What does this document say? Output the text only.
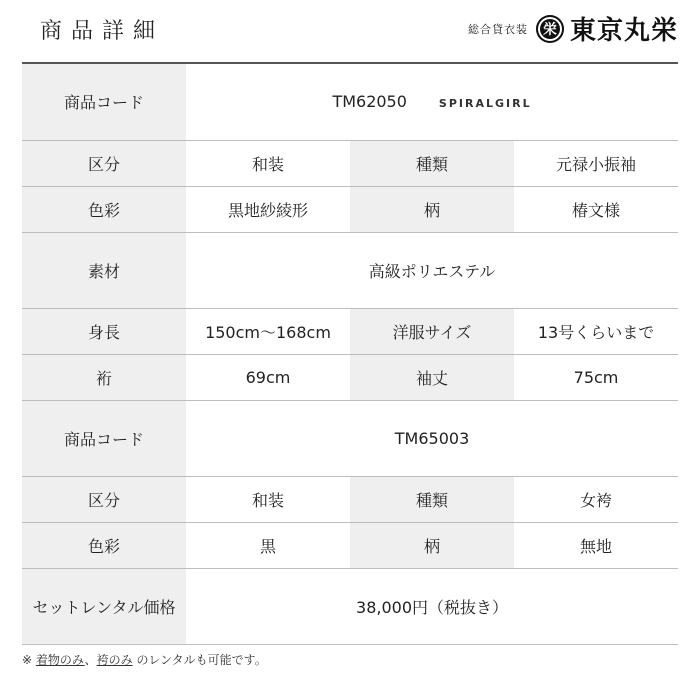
商品詳細	総合貸衣装	栄 東京丸栄
商品コード	TM62050 SPIRALGIRL		
区分	和装	種類	元禄小振袖
色彩	黒地紗綾形	柄	椿文様
素材	高級ポリエステル		
身長	150cm～168cm	洋服サイズ	13号くらいまで
裄	69cm	袖丈	75cm
商品コード	TM65003		
区分	和装	種類	女袴
色彩	黒	柄	無地
セットレンタル価格	38,000円（税抜き）		
※ 着物のみ、袴のみ のレンタルも可能です。
